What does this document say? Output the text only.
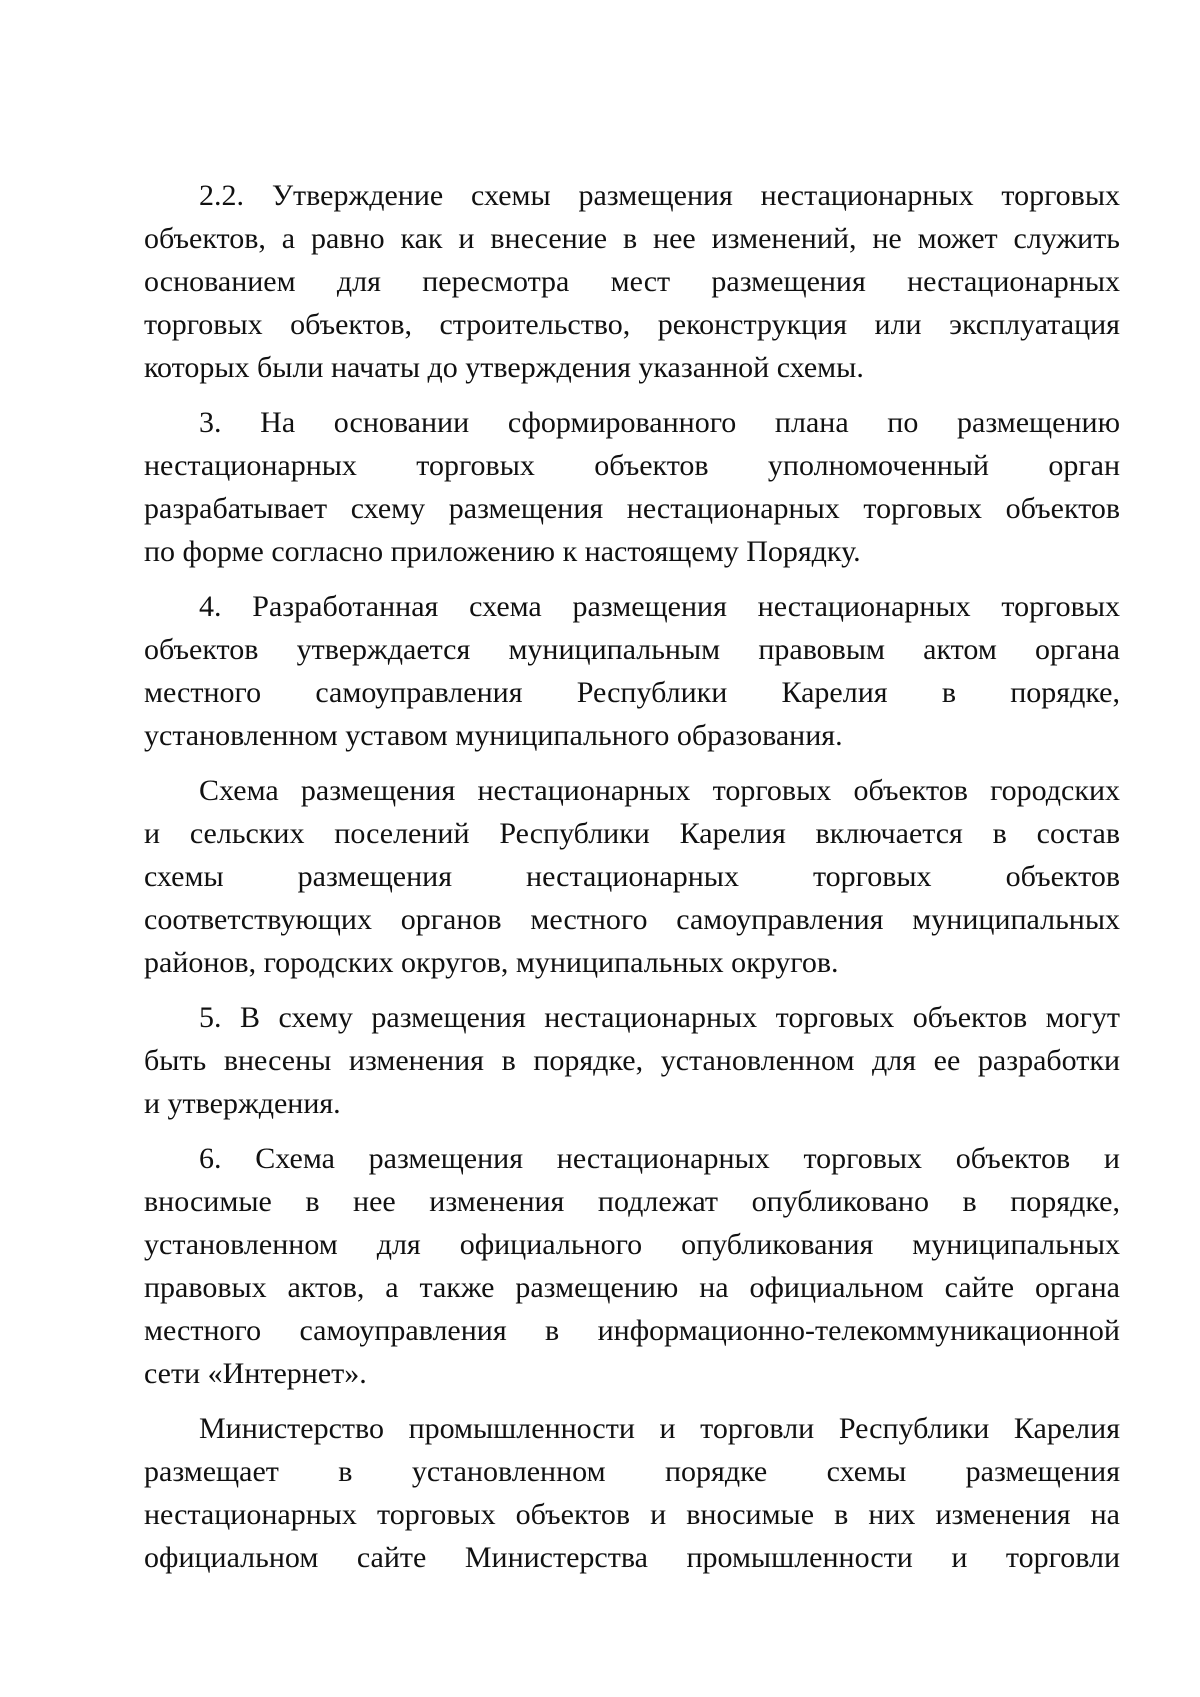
2.2. Утверждение схемы размещения нестационарных торговых
объектов, а равно как и внесение в нее изменений, не может служить
основанием для пересмотра мест размещения нестационарных
торговых объектов, строительство, реконструкция или эксплуатация
которых были начаты до утверждения указанной схемы.
3. На основании сформированного плана по размещению
нестационарных торговых объектов уполномоченный орган
разрабатывает схему размещения нестационарных торговых объектов
по форме согласно приложению к настоящему Порядку.
4. Разработанная схема размещения нестационарных торговых
объектов утверждается муниципальным правовым актом органа
местного самоуправления Республики Карелия в порядке,
установленном уставом муниципального образования.
Схема размещения нестационарных торговых объектов городских
и сельских поселений Республики Карелия включается в состав
схемы размещения нестационарных торговых объектов
соответствующих органов местного самоуправления муниципальных
районов, городских округов, муниципальных округов.
5. В схему размещения нестационарных торговых объектов могут
быть внесены изменения в порядке, установленном для ее разработки
и утверждения.
6. Схема размещения нестационарных торговых объектов и
вносимые в нее изменения подлежат опубликовано в порядке,
установленном для официального опубликования муниципальных
правовых актов, а также размещению на официальном сайте органа
местного самоуправления в информационно-телекоммуникационной
сети «Интернет».
Министерство промышленности и торговли Республики Карелия
размещает в установленном порядке схемы размещения
нестационарных торговых объектов и вносимые в них изменения на
официальном сайте Министерства промышленности и торговли
